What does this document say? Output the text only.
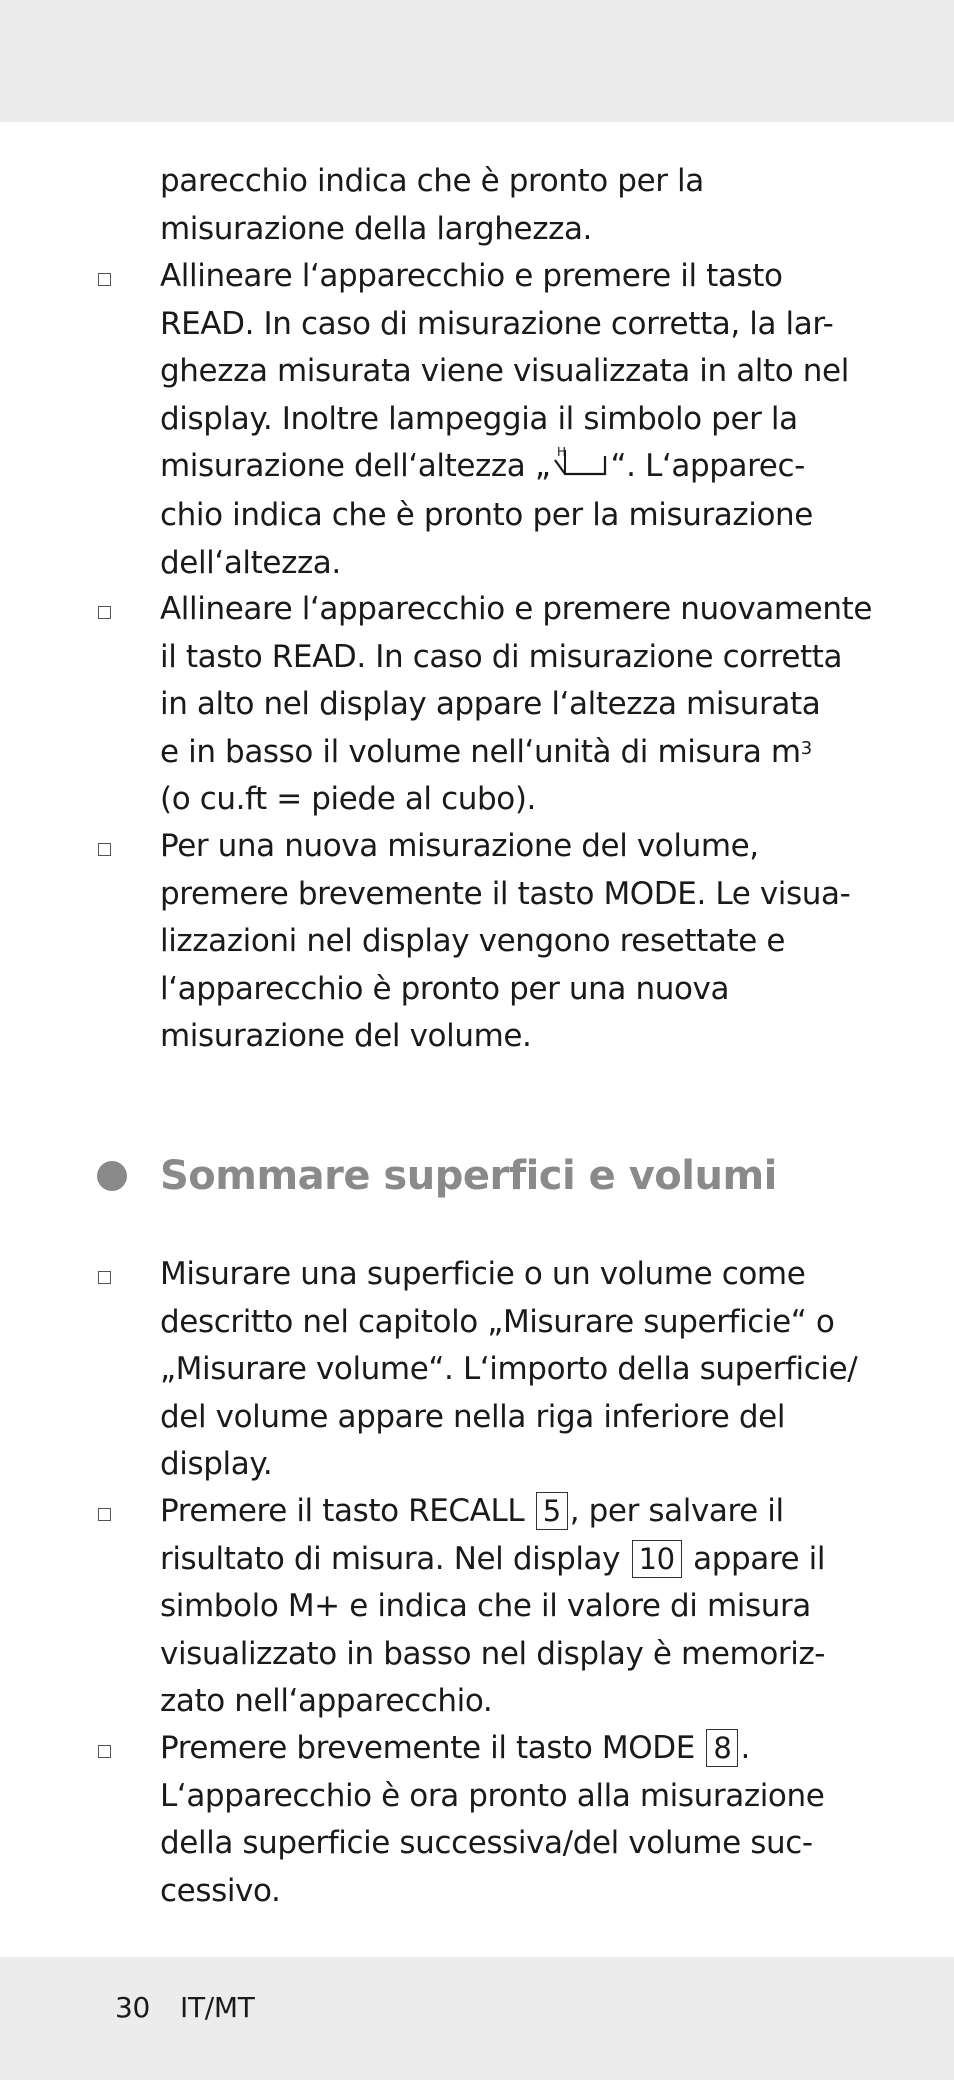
parecchio indica che è pronto per la
misurazione della larghezza.
Allineare l‘apparecchio e premere il tasto
READ. In caso di misurazione corretta, la lar-
ghezza misurata viene visualizzata in alto nel
display. Inoltre lampeggia il simbolo per la
misurazione dell‘altezza „ H “. L‘apparec-
chio indica che è pronto per la misurazione
dell‘altezza.
Allineare l‘apparecchio e premere nuovamente
il tasto READ. In caso di misurazione corretta
in alto nel display appare l‘altezza misurata
e in basso il volume nell‘unità di misura $m^3$
(o cu.ft = piede al cubo).
Per una nuova misurazione del volume,
premere brevemente il tasto MODE. Le visua-
lizzazioni nel display vengono resettate e
l‘apparecchio è pronto per una nuova
misurazione del volume.
Sommare superfici e volumi
Misurare una superficie o un volume come
descritto nel capitolo „Misurare superficie“ o
„Misurare volume“. L‘importo della superficie/
del volume appare nella riga inferiore del
display.
Premere il tasto RECALL 5 , per salvare il
risultato di misura. Nel display 10 appare il
simbolo M+ e indica che il valore di misura
visualizzato in basso nel display è memoriz-
zato nell‘apparecchio.
Premere brevemente il tasto MODE 8 .
L‘apparecchio è ora pronto alla misurazione
della superficie successiva/del volume suc-
cessivo.
30 IT/MT
